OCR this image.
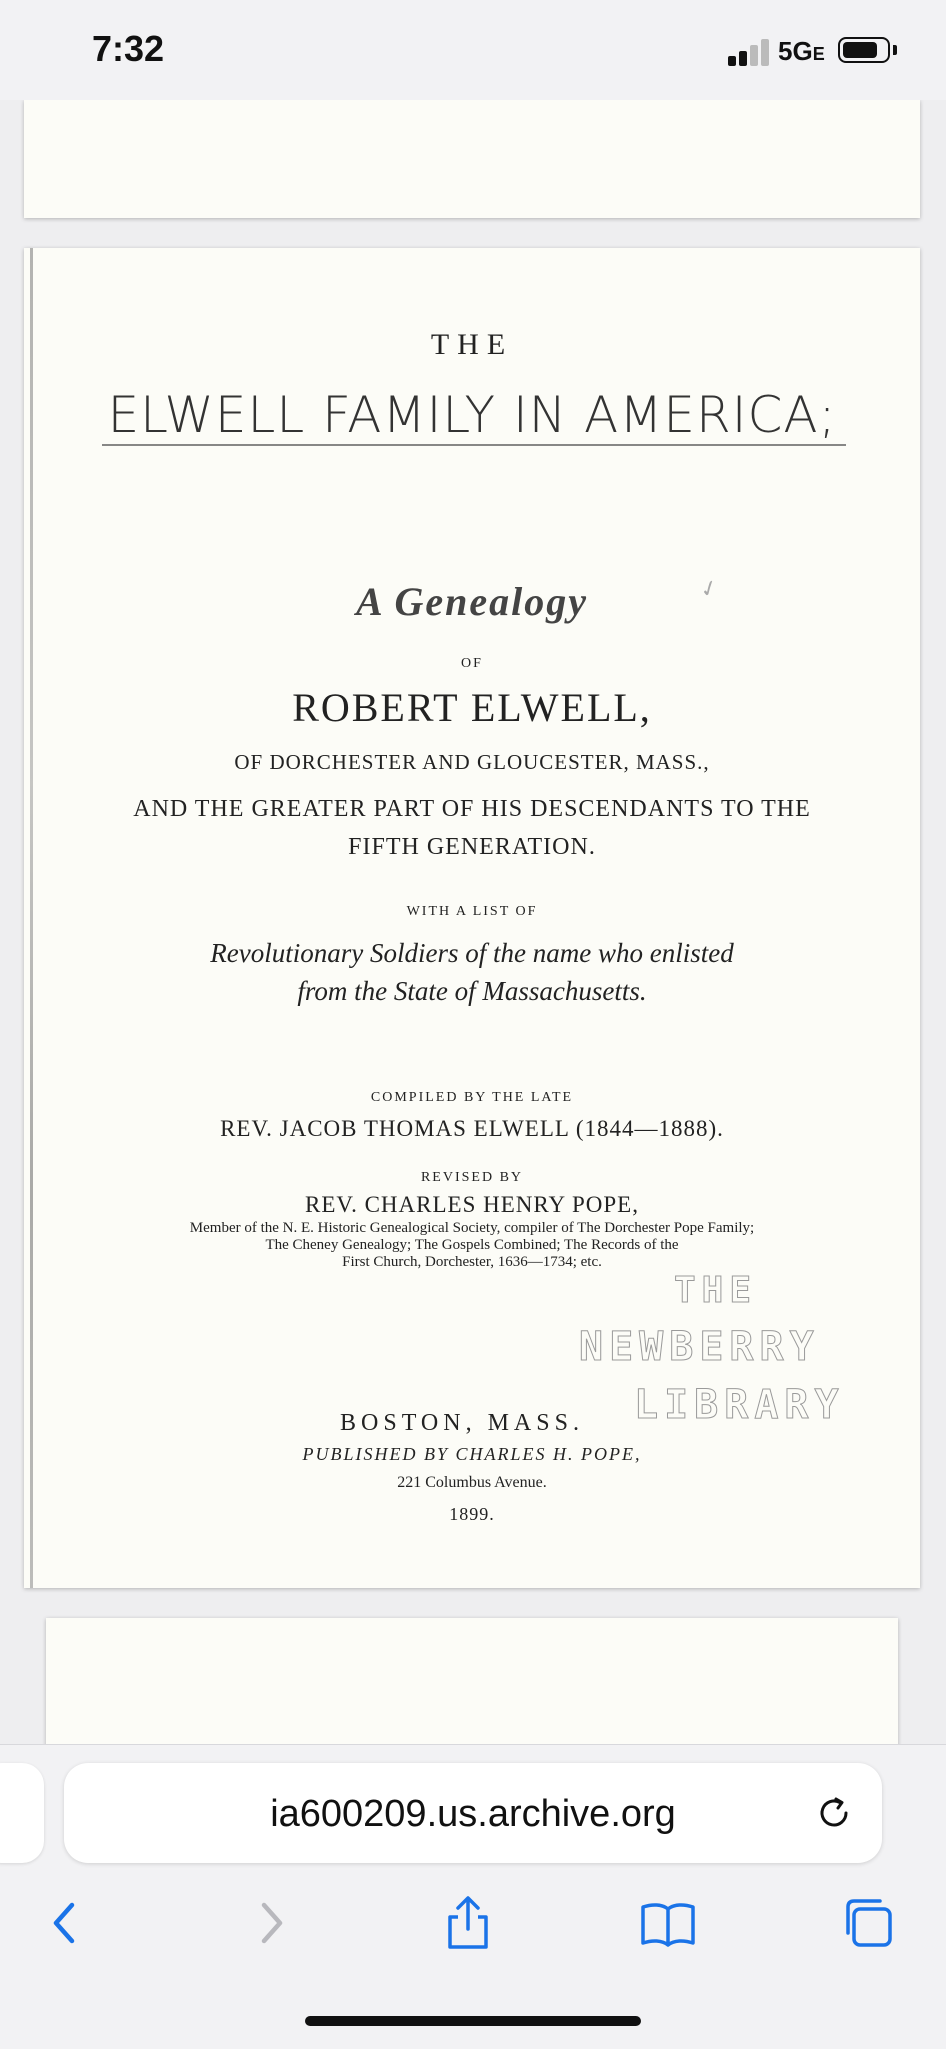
7:32	5GE
THE
ELWELL FAMILY IN AMERICA;
A Genealogy	✓
OF
ROBERT ELWELL,
OF DORCHESTER AND GLOUCESTER, MASS.,
AND THE GREATER PART OF HIS DESCENDANTS TO THE
FIFTH GENERATION.
WITH A LIST OF
Revolutionary Soldiers of the name who enlisted
from the State of Massachusetts.
COMPILED BY THE LATE
REV. JACOB THOMAS ELWELL (1844—1888).
REVISED BY
REV. CHARLES HENRY POPE,
Member of the N. E. Historic Genealogical Society, compiler of The Dorchester Pope Family;
The Cheney Genealogy; The Gospels Combined; The Records of the
First Church, Dorchester, 1636—1734; etc.
THE
NEWBERRY
LIBRARY
BOSTON, MASS.
PUBLISHED BY CHARLES H. POPE,
221 Columbus Avenue.
1899.
ia600209.us.archive.org
